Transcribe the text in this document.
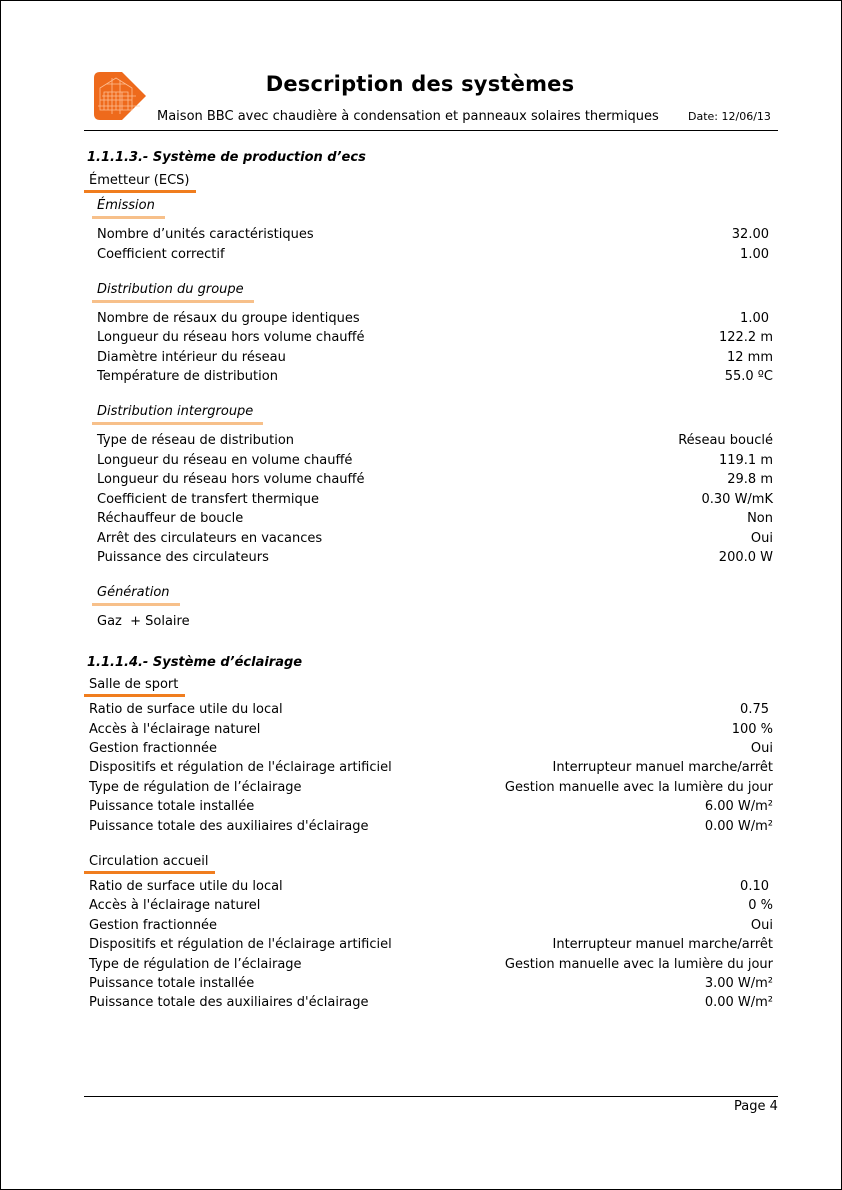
Description des systèmes
Maison BBC avec chaudière à condensation et panneaux solaires thermiques	Date: 12/06/13
1.1.1.3.- Système de production d’ecs
Émetteur (ECS)
Émission
Nombre d’unités caractéristiques	32.00
Coefficient correctif	1.00
Distribution du groupe
Nombre de résaux du groupe identiques	1.00
Longueur du réseau hors volume chauffé	122.2 m
Diamètre intérieur du réseau	12 mm
Température de distribution	55.0 ºC
Distribution intergroupe
Type de réseau de distribution	Réseau bouclé
Longueur du réseau en volume chauffé	119.1 m
Longueur du réseau hors volume chauffé	29.8 m
Coefficient de transfert thermique	0.30 W/mK
Réchauffeur de boucle	Non
Arrêt des circulateurs en vacances	Oui
Puissance des circulateurs	200.0 W
Génération
Gaz  + Solaire
1.1.1.4.- Système d’éclairage
Salle de sport
Ratio de surface utile du local	0.75
Accès à l'éclairage naturel	100 %
Gestion fractionnée	Oui
Dispositifs et régulation de l'éclairage artificiel	Interrupteur manuel marche/arrêt
Type de régulation de l’éclairage	Gestion manuelle avec la lumière du jour
Puissance totale installée	6.00 W/m²
Puissance totale des auxiliaires d'éclairage	0.00 W/m²
Circulation accueil
Ratio de surface utile du local	0.10
Accès à l'éclairage naturel	0 %
Gestion fractionnée	Oui
Dispositifs et régulation de l'éclairage artificiel	Interrupteur manuel marche/arrêt
Type de régulation de l’éclairage	Gestion manuelle avec la lumière du jour
Puissance totale installée	3.00 W/m²
Puissance totale des auxiliaires d'éclairage	0.00 W/m²
Page 4
